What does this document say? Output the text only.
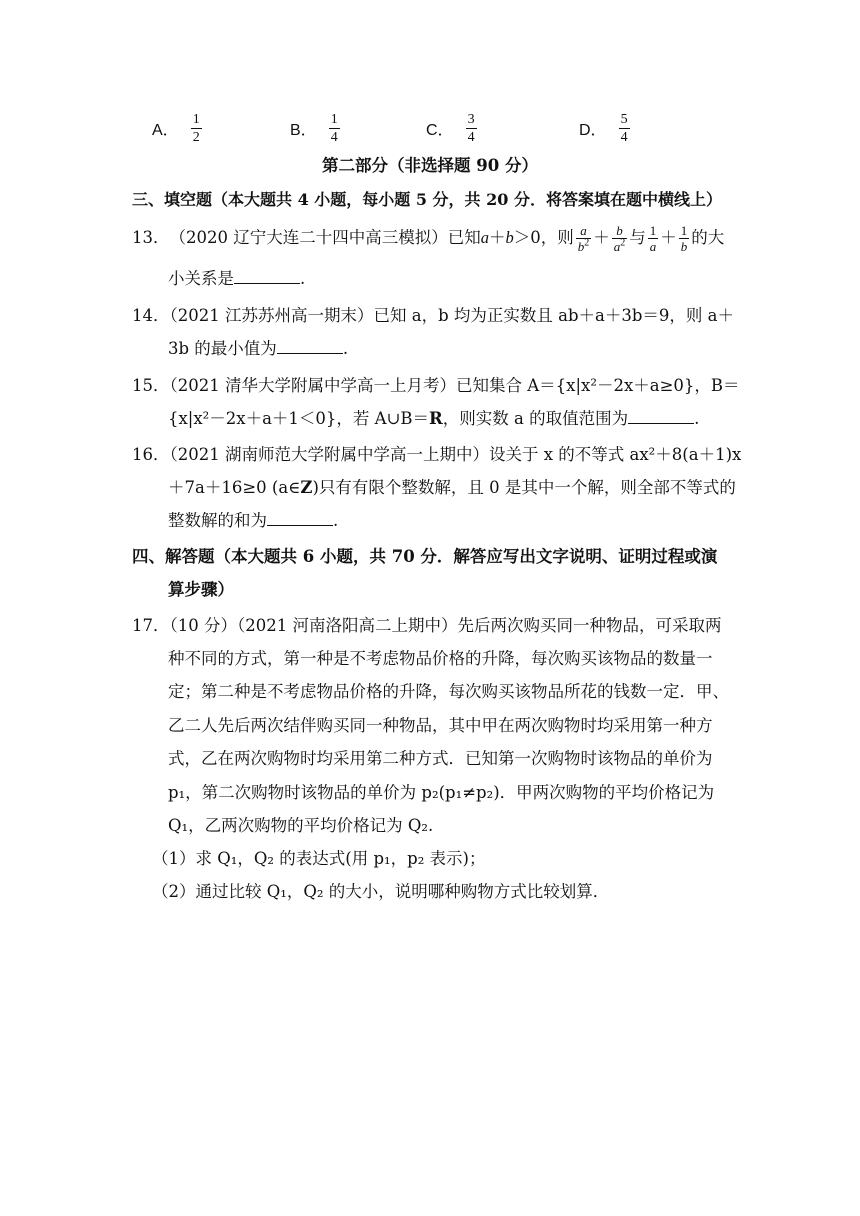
A． $\frac{1}{2}$	B． $\frac{1}{4}$	C． $\frac{3}{4}$	D． $\frac{5}{4}$
第二部分（非选择题 90 分）
三、填空题（本大题共 4 小题，每小题 5 分，共 20 分．将答案填在题中横线上）
13． （2020 辽宁大连二十四中高三模拟） 已知 a＋b ＞0，则 $\frac{a}{b^2} + \frac{b}{a^2}$ 与 $\frac{1}{a} + \frac{1}{b}$ 的大
小关系是	.
14．（2021 江苏苏州高一期末）已知 a，b 均为正实数且 ab＋a＋3b＝9，则 a＋
3b 的最小值为	.
15．（2021 清华大学附属中学高一上月考）已知集合 A＝{x|x²－2x＋a≥0}，B＝
{x|x²－2x＋a＋1＜0}，若 A∪B＝R，则实数 a 的取值范围为	.
16．（2021 湖南师范大学附属中学高一上期中）设关于 x 的不等式 ax²＋8(a＋1)x
＋7a＋16≥0 (a∈Z)只有有限个整数解，且 0 是其中一个解，则全部不等式的
整数解的和为	.
四、解答题（本大题共 6 小题，共 70 分．解答应写出文字说明、证明过程或演
算步骤）
17．（10 分）（2021 河南洛阳高二上期中）先后两次购买同一种物品，可采取两
种不同的方式，第一种是不考虑物品价格的升降，每次购买该物品的数量一
定；第二种是不考虑物品价格的升降，每次购买该物品所花的钱数一定．甲、
乙二人先后两次结伴购买同一种物品，其中甲在两次购物时均采用第一种方
式，乙在两次购物时均采用第二种方式．已知第一次购物时该物品的单价为
p₁，第二次购物时该物品的单价为 p₂(p₁≠p₂)．甲两次购物的平均价格记为
Q₁，乙两次购物的平均价格记为 Q₂.
（1）求 Q₁，Q₂ 的表达式(用 p₁，p₂ 表示)；
（2）通过比较 Q₁，Q₂ 的大小，说明哪种购物方式比较划算．
